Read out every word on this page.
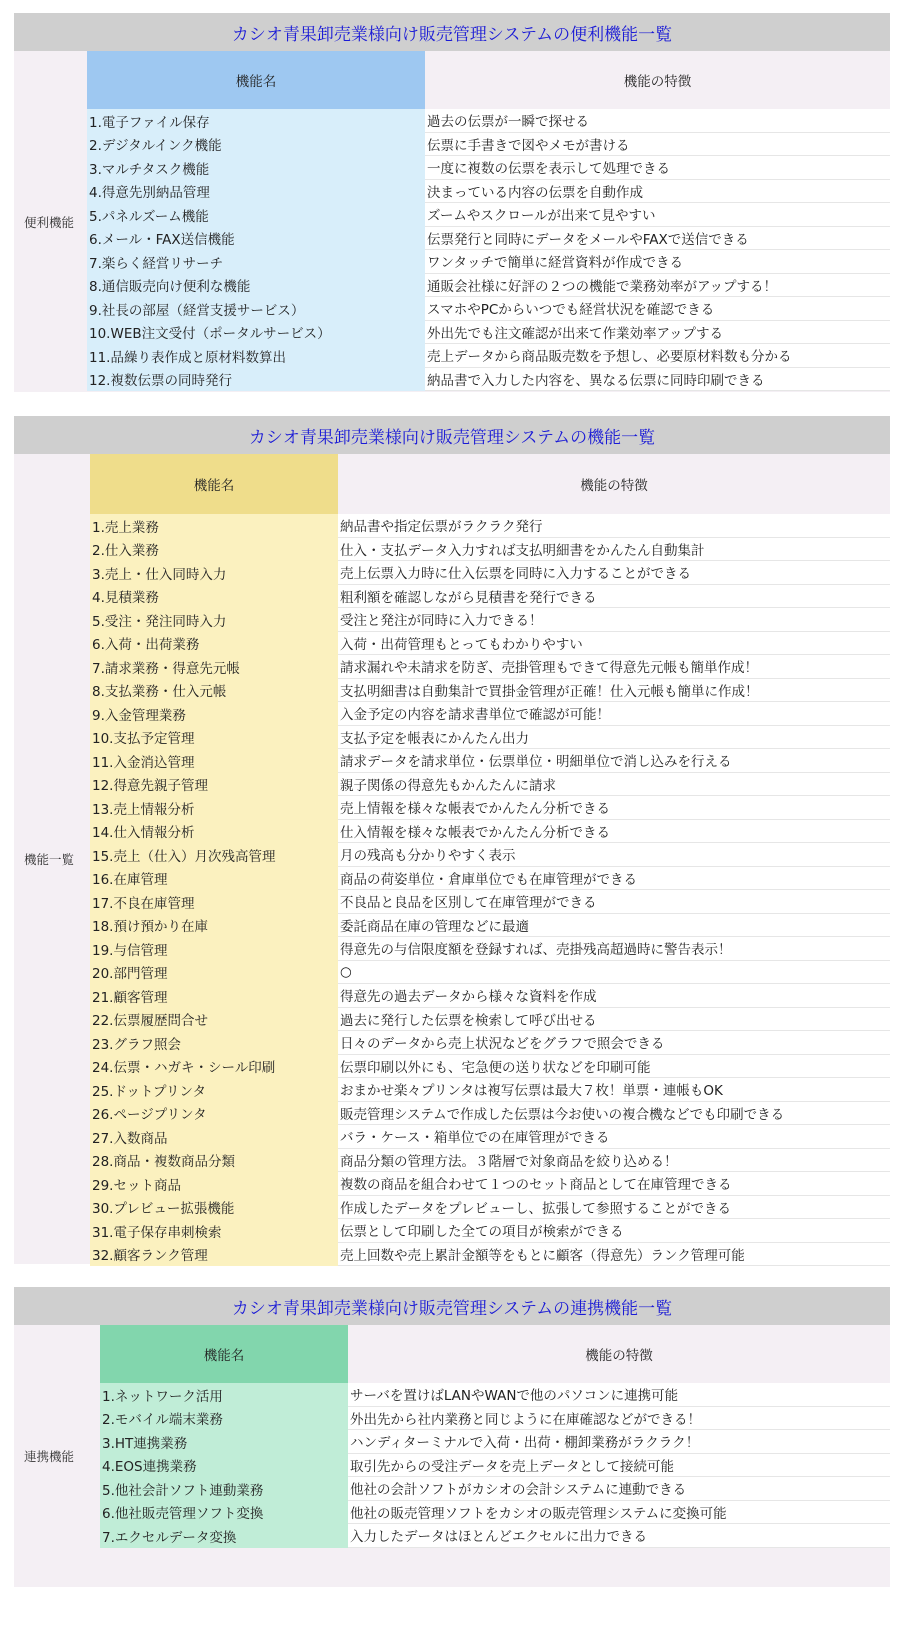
カシオ青果卸売業様向け販売管理システムの便利機能一覧
便利機能
機能名	機能の特徴
1.電子ファイル保存	過去の伝票が一瞬で探せる
2.デジタルインク機能	伝票に手書きで図やメモが書ける
3.マルチタスク機能	一度に複数の伝票を表示して処理できる
4.得意先別納品管理	決まっている内容の伝票を自動作成
5.パネルズーム機能	ズームやスクロールが出来て見やすい
6.メール・FAX送信機能	伝票発行と同時にデータをメールやFAXで送信できる
7.楽らく経営リサーチ	ワンタッチで簡単に経営資料が作成できる
8.通信販売向け便利な機能	通販会社様に好評の２つの機能で業務効率がアップする！
9.社長の部屋（経営支援サービス）	スマホやPCからいつでも経営状況を確認できる
10.WEB注文受付（ポータルサービス）	外出先でも注文確認が出来て作業効率アップする
11.品繰り表作成と原材料数算出	売上データから商品販売数を予想し、必要原材料数も分かる
12.複数伝票の同時発行	納品書で入力した内容を、異なる伝票に同時印刷できる
カシオ青果卸売業様向け販売管理システムの機能一覧
機能一覧
機能名	機能の特徴
1.売上業務	納品書や指定伝票がラクラク発行
2.仕入業務	仕入・支払データ入力すれば支払明細書をかんたん自動集計
3.売上・仕入同時入力	売上伝票入力時に仕入伝票を同時に入力することができる
4.見積業務	粗利額を確認しながら見積書を発行できる
5.受注・発注同時入力	受注と発注が同時に入力できる！
6.入荷・出荷業務	入荷・出荷管理もとってもわかりやすい
7.請求業務・得意先元帳	請求漏れや未請求を防ぎ、売掛管理もできて得意先元帳も簡単作成！
8.支払業務・仕入元帳	支払明細書は自動集計で買掛金管理が正確！仕入元帳も簡単に作成！
9.入金管理業務	入金予定の内容を請求書単位で確認が可能！
10.支払予定管理	支払予定を帳表にかんたん出力
11.入金消込管理	請求データを請求単位・伝票単位・明細単位で消し込みを行える
12.得意先親子管理	親子関係の得意先もかんたんに請求
13.売上情報分析	売上情報を様々な帳表でかんたん分析できる
14.仕入情報分析	仕入情報を様々な帳表でかんたん分析できる
15.売上（仕入）月次残高管理	月の残高も分かりやすく表示
16.在庫管理	商品の荷姿単位・倉庫単位でも在庫管理ができる
17.不良在庫管理	不良品と良品を区別して在庫管理ができる
18.預け預かり在庫	委託商品在庫の管理などに最適
19.与信管理	得意先の与信限度額を登録すれば、売掛残高超過時に警告表示！
20.部門管理	○
21.顧客管理	得意先の過去データから様々な資料を作成
22.伝票履歴問合せ	過去に発行した伝票を検索して呼び出せる
23.グラフ照会	日々のデータから売上状況などをグラフで照会できる
24.伝票・ハガキ・シール印刷	伝票印刷以外にも、宅急便の送り状などを印刷可能
25.ドットプリンタ	おまかせ楽々プリンタは複写伝票は最大７枚！単票・連帳もOK
26.ページプリンタ	販売管理システムで作成した伝票は今お使いの複合機などでも印刷できる
27.入数商品	バラ・ケース・箱単位での在庫管理ができる
28.商品・複数商品分類	商品分類の管理方法。３階層で対象商品を絞り込める！
29.セット商品	複数の商品を組合わせて１つのセット商品として在庫管理できる
30.プレビュー拡張機能	作成したデータをプレビューし、拡張して参照することができる
31.電子保存串刺検索	伝票として印刷した全ての項目が検索ができる
32.顧客ランク管理	売上回数や売上累計金額等をもとに顧客（得意先）ランク管理可能
カシオ青果卸売業様向け販売管理システムの連携機能一覧
連携機能
機能名	機能の特徴
1.ネットワーク活用	サーバを置けばLANやWANで他のパソコンに連携可能
2.モバイル端末業務	外出先から社内業務と同じように在庫確認などができる！
3.HT連携業務	ハンディターミナルで入荷・出荷・棚卸業務がラクラク！
4.EOS連携業務	取引先からの受注データを売上データとして接続可能
5.他社会計ソフト連動業務	他社の会計ソフトがカシオの会計システムに連動できる
6.他社販売管理ソフト変換	他社の販売管理ソフトをカシオの販売管理システムに変換可能
7.エクセルデータ変換	入力したデータはほとんどエクセルに出力できる
